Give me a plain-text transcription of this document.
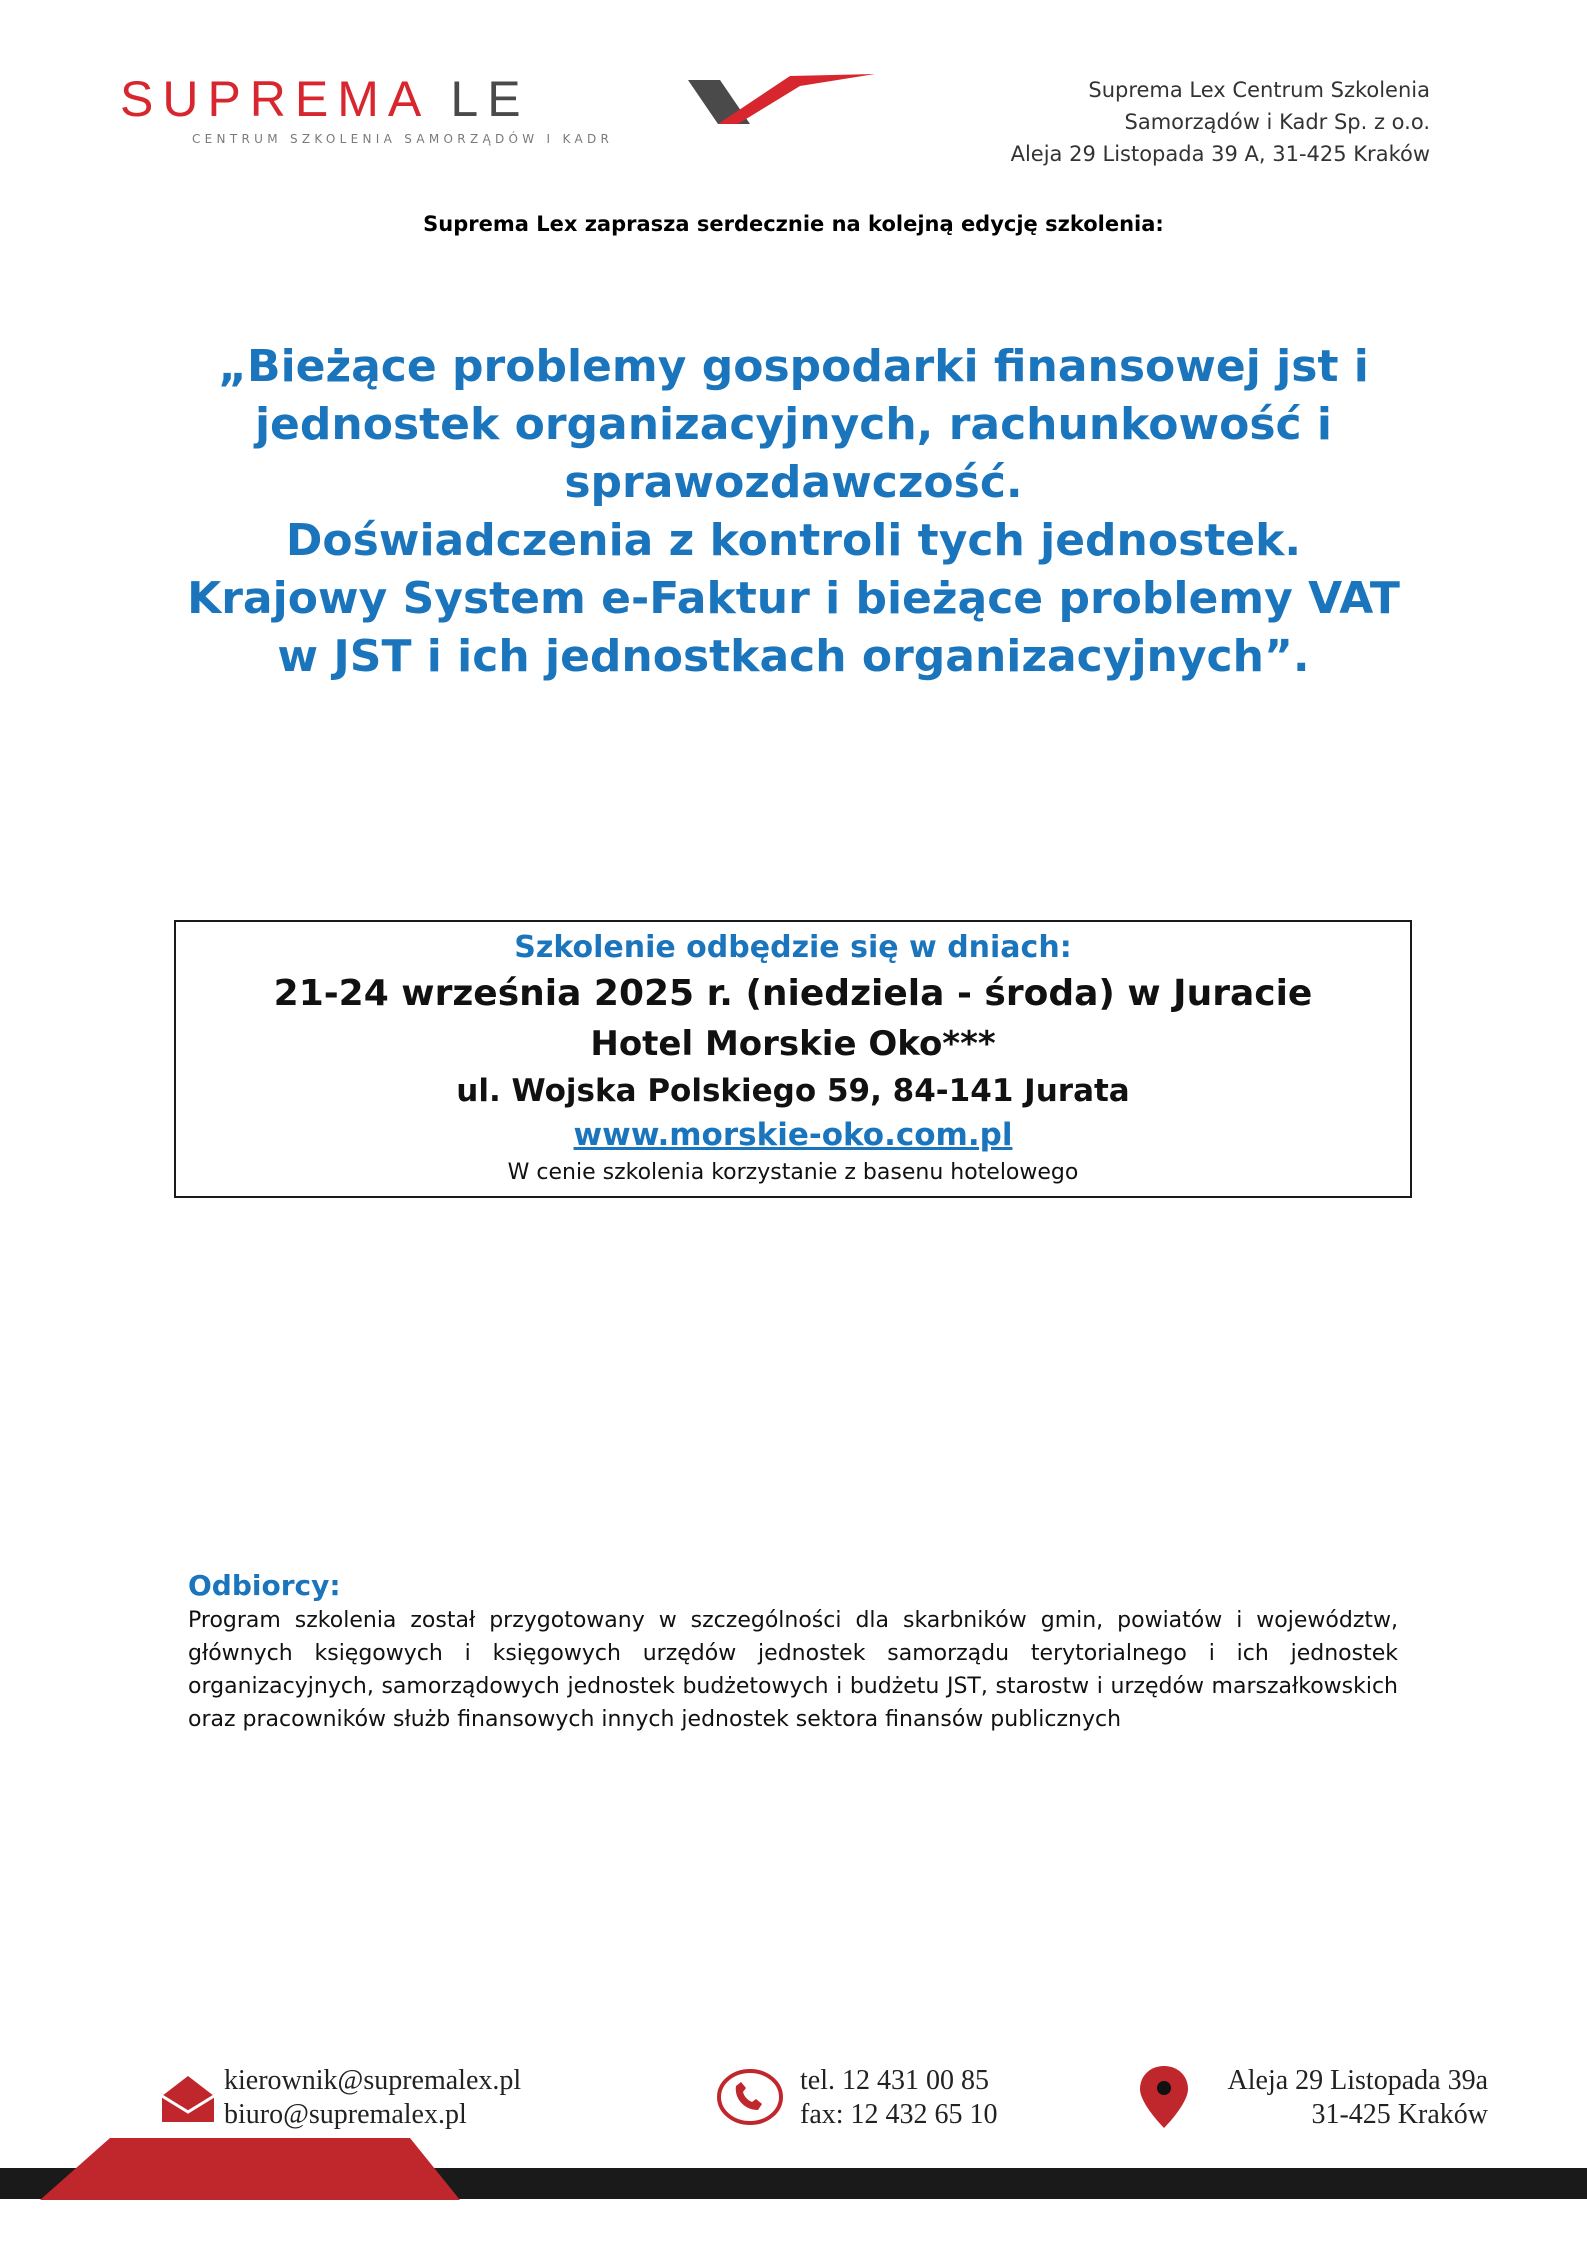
SUPREMA LE
CENTRUM SZKOLENIA SAMORZĄDÓW I KADR
Suprema Lex Centrum Szkolenia
Samorządów i Kadr Sp. z o.o.
Aleja 29 Listopada 39 A, 31-425 Kraków
Suprema Lex zaprasza serdecznie na kolejną edycję szkolenia:
„Bieżące problemy gospodarki finansowej jst i
jednostek organizacyjnych, rachunkowość i
sprawozdawczość.
Doświadczenia z kontroli tych jednostek.
Krajowy System e-Faktur i bieżące problemy VAT
w JST i ich jednostkach organizacyjnych”.
Szkolenie odbędzie się w dniach:
21-24 września 2025 r. (niedziela - środa) w Juracie
Hotel Morskie Oko***
ul. Wojska Polskiego 59, 84-141 Jurata
www.morskie-oko.com.pl
W cenie szkolenia korzystanie z basenu hotelowego
Odbiorcy:
Program szkolenia został przygotowany w szczególności dla skarbników gmin, powiatów i województw, głównych księgowych i księgowych urzędów jednostek samorządu terytorialnego i ich jednostek organizacyjnych, samorządowych jednostek budżetowych i budżetu JST, starostw i urzędów marszałkowskich oraz pracowników służb finansowych innych jednostek sektora finansów publicznych
kierownik@supremalex.pl
biuro@supremalex.pl
tel. 12 431 00 85
fax: 12 432 65 10
Aleja 29 Listopada 39a
31-425 Kraków
